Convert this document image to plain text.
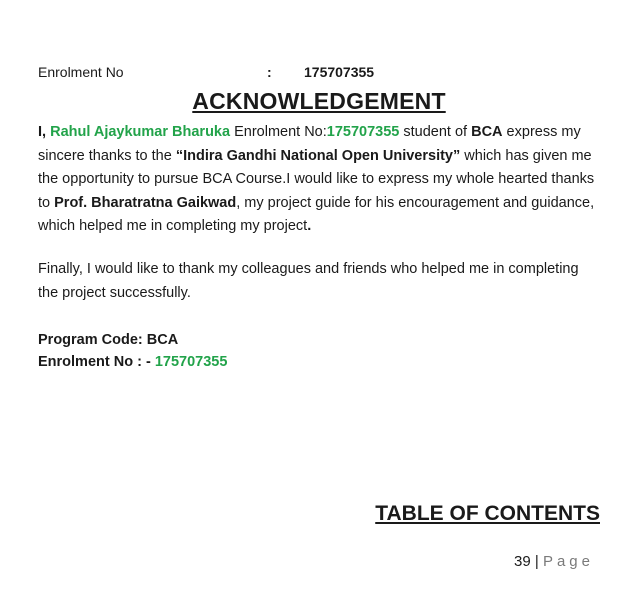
Enrolment No	: 175707355
ACKNOWLEDGEMENT
I, Rahul Ajaykumar Bharuka Enrolment No:175707355 student of BCA express my sincere thanks to the “Indira Gandhi National Open University” which has given me the opportunity to pursue BCA Course.I would like to express my whole hearted thanks to Prof. Bharatratna Gaikwad, my project guide for his encouragement and guidance, which helped me in completing my project.
Finally, I would like to thank my colleagues and friends who helped me in completing the project successfully.
Program Code: BCA
Enrolment No : - 175707355
TABLE OF CONTENTS
39 | Page
